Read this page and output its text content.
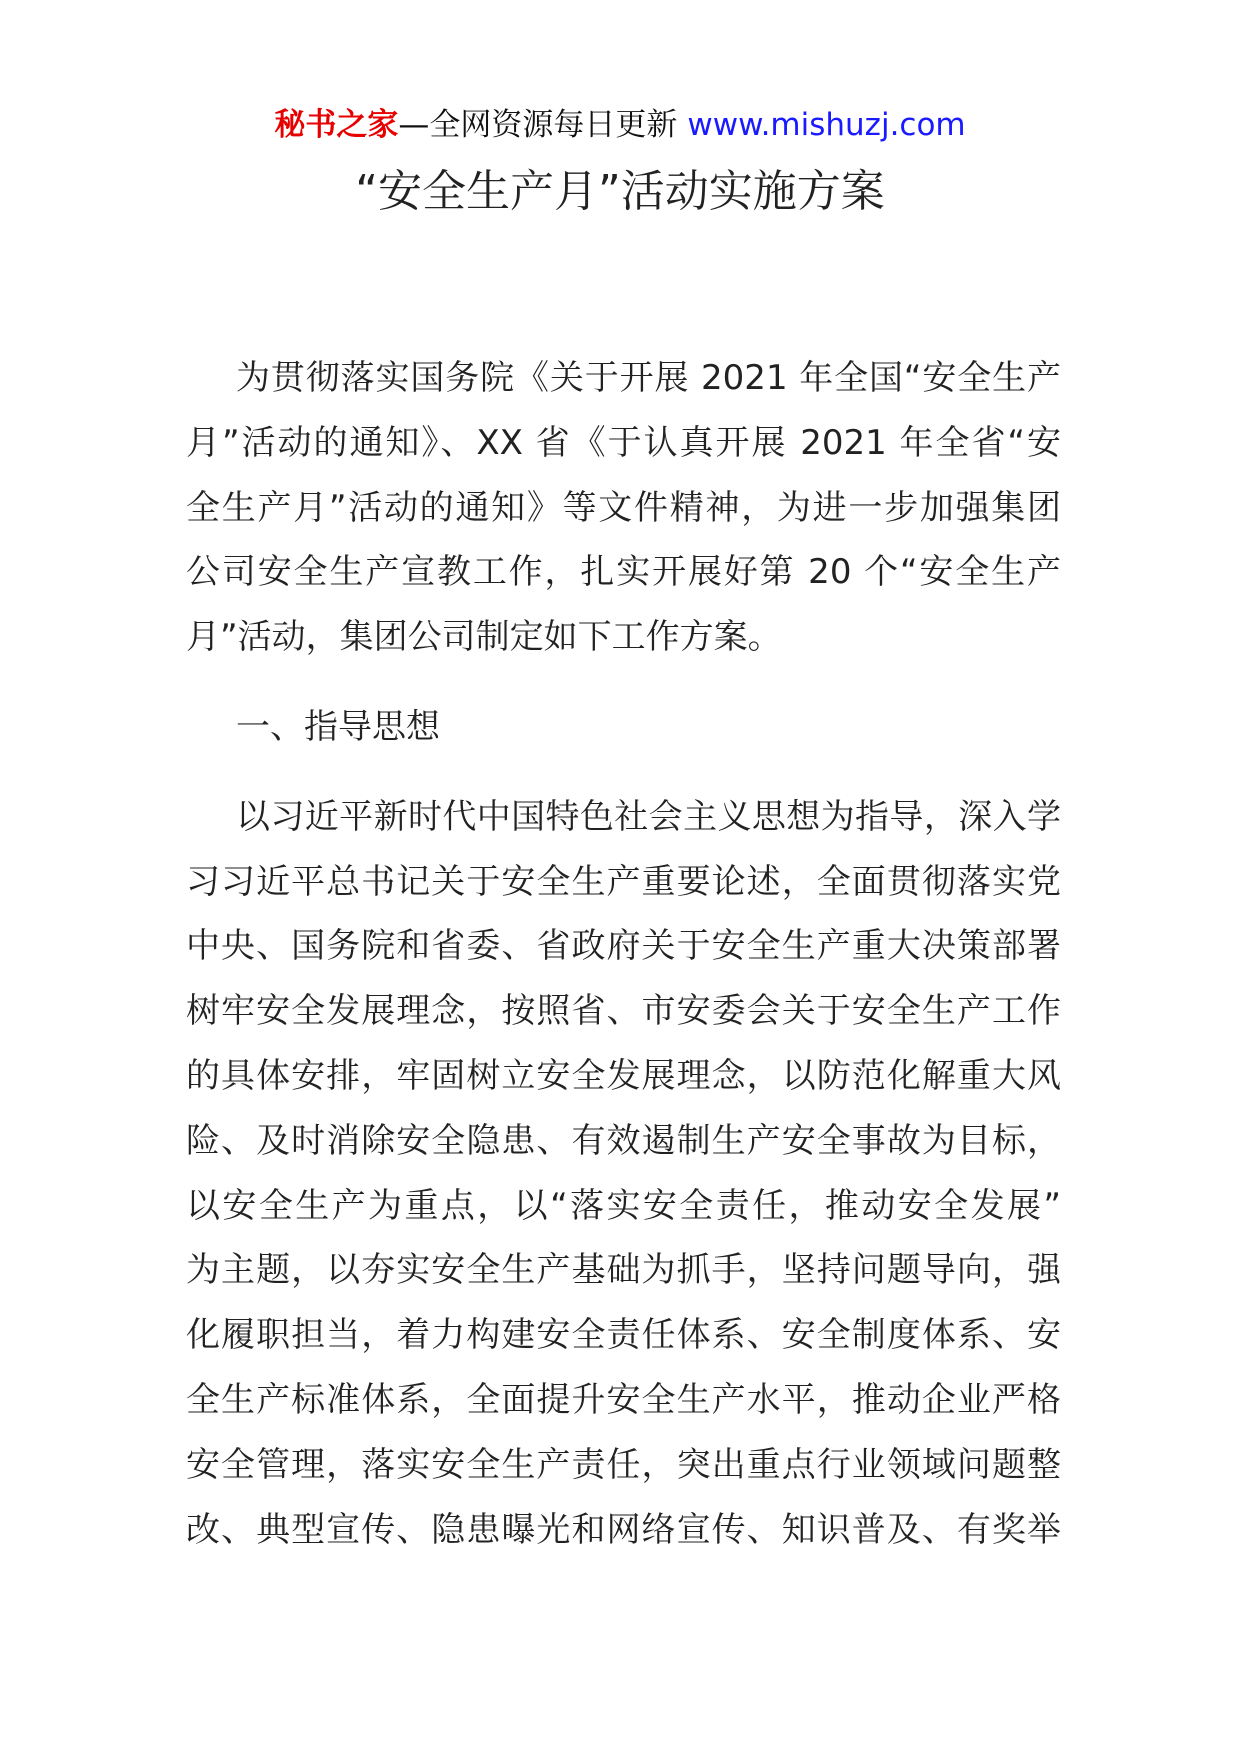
秘书之家—全网资源每日更新 www.mishuzj.com
“安全生产月”活动实施方案
为贯彻落实国务院《关于开展 2021 年全国“安全生产
月”活动的通知》、XX 省《于认真开展 2021 年全省“安
全生产月”活动的通知》等文件精神，为进一步加强集团
公司安全生产宣教工作，扎实开展好第 20 个“安全生产
月”活动，集团公司制定如下工作方案。
一、指导思想
以习近平新时代中国特色社会主义思想为指导，深入学
习习近平总书记关于安全生产重要论述，全面贯彻落实党
中央、国务院和省委、省政府关于安全生产重大决策部署
树牢安全发展理念，按照省、市安委会关于安全生产工作
的具体安排，牢固树立安全发展理念，以防范化解重大风
险、及时消除安全隐患、有效遏制生产安全事故为目标，
以安全生产为重点，以“落实安全责任，推动安全发展”
为主题，以夯实安全生产基础为抓手，坚持问题导向，强
化履职担当，着力构建安全责任体系、安全制度体系、安
全生产标准体系，全面提升安全生产水平，推动企业严格
安全管理，落实安全生产责任，突出重点行业领域问题整
改、典型宣传、隐患曝光和网络宣传、知识普及、有奖举
